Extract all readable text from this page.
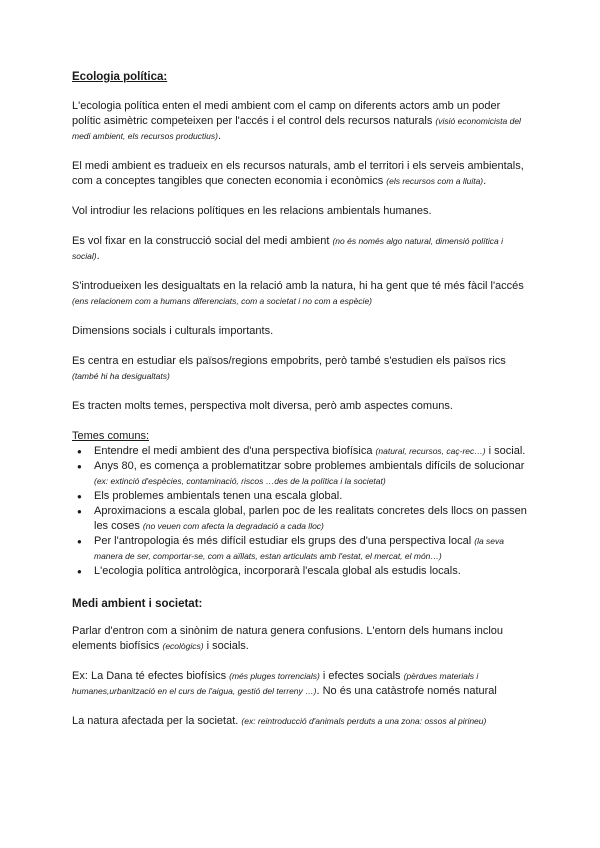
Ecologia política:

L'ecologia política enten el medi ambient com el camp on diferents actors amb un poder polític asimètric competeixen per l'accés i el control dels recursos naturals (visió economicista del medi ambient, els recursos productius).

El medi ambient es tradueix en els recursos naturals, amb el territori i els serveis ambientals, com a conceptes tangibles que conecten economia i econòmics (els recursos com a lluita).

Vol introdiur les relacions polítiques en les relacions ambientals humanes.

Es vol fixar en la construcció social del medi ambient (no és només algo natural, dimensió política i social).

S'introdueixen les desigualtats en la relació amb la natura, hi ha gent que té més fàcil l'accés (ens relacionem com a humans diferenciats, com a societat i no com a espècie)

Dimensions socials i culturals importants.

Es centra en estudiar els països/regions empobrits, però també s'estudien els països rics (també hi ha desigualtats)

Es tracten molts temes, perspectiva molt diversa, però amb aspectes comuns.

Temes comuns:
● Entendre el medi ambient des d'una perspectiva biofísica (natural, recursos, caç-rec…) i social.
● Anys 80, es comença a problematitzar sobre problemes ambientals difícils de solucionar (ex: extinció d'espècies, contaminació, riscos …des de la política i la societat)
● Els problemes ambientals tenen una escala global.
● Aproximacions a escala global, parlen poc de les realitats concretes dels llocs on passen les coses (no veuen com afecta la degradació a cada lloc)
● Per l'antropologia és més difícil estudiar els grups des d'una perspectiva local (la seva manera de ser, comportar-se, com a aïllats, estan articulats amb l'estat, el mercat, el món…)
● L'ecologia política antrològica, incorporarà l'escala global als estudis locals.
Medi ambient i societat:

Parlar d'entron com a sinònim de natura genera confusions. L'entorn dels humans inclou elements biofísics (ecològics) i socials.

Ex: La Dana té efectes biofísics (més pluges torrencials) i efectes socials (pèrdues materials i humanes,urbanització en el curs de l'aigua, gestió del terreny …). No és una catàstrofe només natural

La natura afectada per la societat. (ex: reintroducció d'animals perduts a una zona: ossos al pirineu)
